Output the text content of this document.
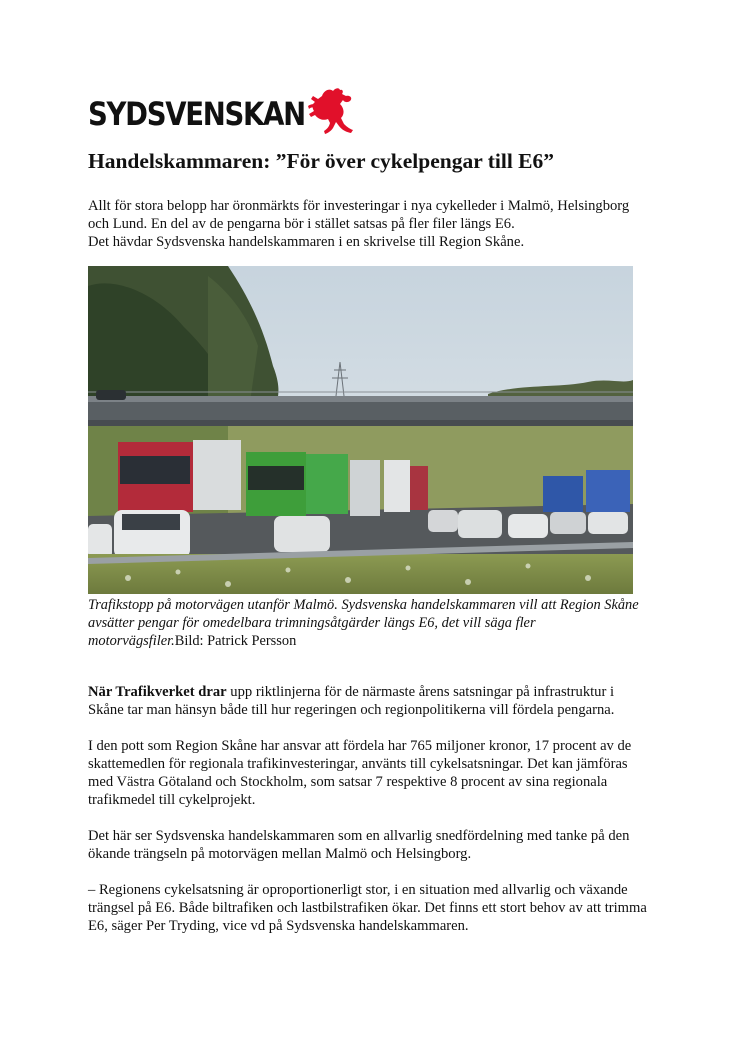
SYDSVENSKAN
Handelskammaren: ”För över cykelpengar till E6”

Allt för stora belopp har öronmärkts för investeringar i nya cykelleder i Malmö, Helsingborg och Lund. En del av de pengarna bör i stället satsas på fler filer längs E6.

Det hävdar Sydsvenska handelskammaren i en skrivelse till Region Skåne.

Trafikstopp på motorvägen utanför Malmö. Sydsvenska handelskammaren vill att Region Skåne avsätter pengar för omedelbara trimningsåtgärder längs E6, det vill säga fler motorvägsfiler.Bild: Patrick Persson

När Trafikverket drar upp riktlinjerna för de närmaste årens satsningar på infrastruktur i Skåne tar man hänsyn både till hur regeringen och regionpolitikerna vill fördela pengarna.

I den pott som Region Skåne har ansvar att fördela har 765 miljoner kronor, 17 procent av de skattemedlen för regionala trafikinvesteringar, använts till cykelsatsningar. Det kan jämföras med Västra Götaland och Stockholm, som satsar 7 respektive 8 procent av sina regionala trafikmedel till cykelprojekt.

Det här ser Sydsvenska handelskammaren som en allvarlig snedfördelning med tanke på den ökande trängseln på motorvägen mellan Malmö och Helsingborg.

– Regionens cykelsatsning är oproportionerligt stor, i en situation med allvarlig och växande trängsel på E6. Både biltrafiken och lastbilstrafiken ökar. Det finns ett stort behov av att trimma E6, säger Per Tryding, vice vd på Sydsvenska handelskammaren.
